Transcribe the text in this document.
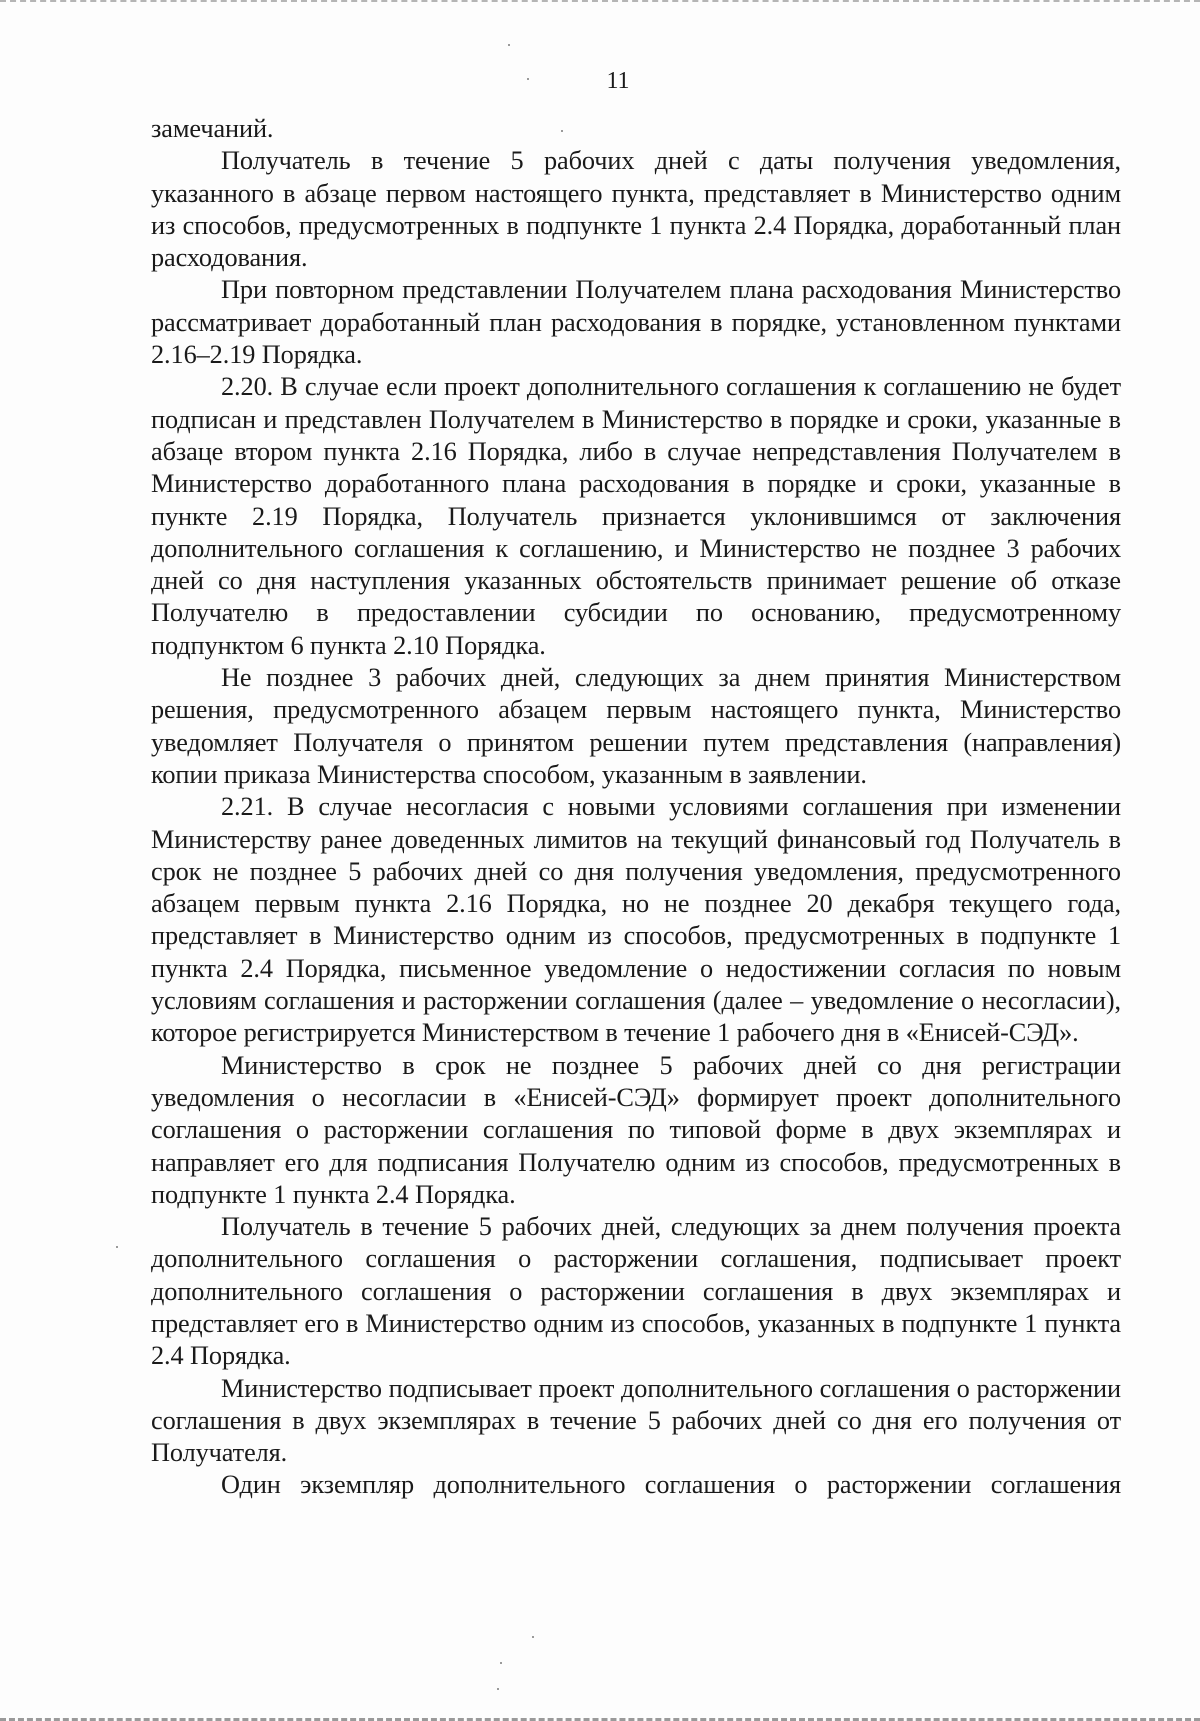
11

замечаний.

Получатель в течение 5 рабочих дней с даты получения уведомления, указанного в абзаце первом настоящего пункта, представляет в Министерство одним из способов, предусмотренных в подпункте 1 пункта 2.4 Порядка, доработанный план расходования.

При повторном представлении Получателем плана расходования Министерство рассматривает доработанный план расходования в порядке, установленном пунктами 2.16–2.19 Порядка.

2.20. В случае если проект дополнительного соглашения к соглашению не будет подписан и представлен Получателем в Министерство в порядке и сроки, указанные в абзаце втором пункта 2.16 Порядка, либо в случае непредставления Получателем в Министерство доработанного плана расходования в порядке и сроки, указанные в пункте 2.19 Порядка, Получатель признается уклонившимся от заключения дополнительного соглашения к соглашению, и Министерство не позднее 3 рабочих дней со дня наступления указанных обстоятельств принимает решение об отказе Получателю в предоставлении субсидии по основанию, предусмотренному подпунктом 6 пункта 2.10 Порядка.

Не позднее 3 рабочих дней, следующих за днем принятия Министерством решения, предусмотренного абзацем первым настоящего пункта, Министерство уведомляет Получателя о принятом решении путем представления (направления) копии приказа Министерства способом, указанным в заявлении.

2.21. В случае несогласия с новыми условиями соглашения при изменении Министерству ранее доведенных лимитов на текущий финансовый год Получатель в срок не позднее 5 рабочих дней со дня получения уведомления, предусмотренного абзацем первым пункта 2.16 Порядка, но не позднее 20 декабря текущего года, представляет в Министерство одним из способов, предусмотренных в подпункте 1 пункта 2.4 Порядка, письменное уведомление о недостижении согласия по новым условиям соглашения и расторжении соглашения (далее – уведомление о несогласии), которое регистрируется Министерством в течение 1 рабочего дня в «Енисей-СЭД».

Министерство в срок не позднее 5 рабочих дней со дня регистрации уведомления о несогласии в «Енисей-СЭД» формирует проект дополнительного соглашения о расторжении соглашения по типовой форме в двух экземплярах и направляет его для подписания Получателю одним из способов, предусмотренных в подпункте 1 пункта 2.4 Порядка.

Получатель в течение 5 рабочих дней, следующих за днем получения проекта дополнительного соглашения о расторжении соглашения, подписывает проект дополнительного соглашения о расторжении соглашения в двух экземплярах и представляет его в Министерство одним из способов, указанных в подпункте 1 пункта 2.4 Порядка.

Министерство подписывает проект дополнительного соглашения о расторжении соглашения в двух экземплярах в течение 5 рабочих дней со дня его получения от Получателя.

Один экземпляр дополнительного соглашения о расторжении соглашения
